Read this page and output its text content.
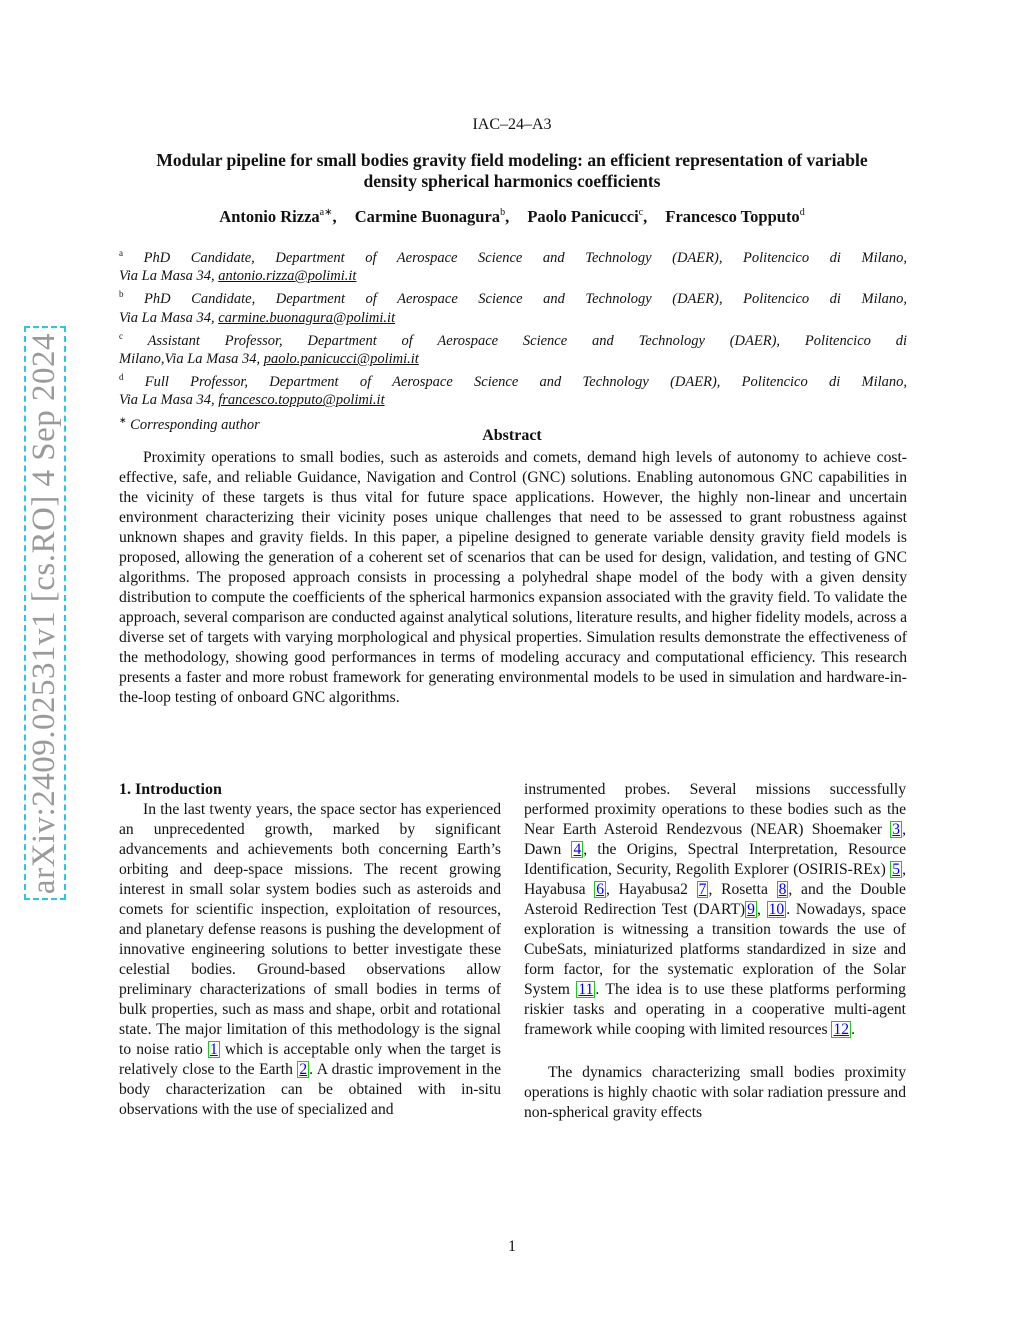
arXiv:2409.02531v1 [cs.RO] 4 Sep 2024
IAC–24–A3
Modular pipeline for small bodies gravity field modeling: an efficient representation of variable density spherical harmonics coefficients
Antonio Rizza$^{a∗}$, Carmine Buonagura$^b$, Paolo Panicucci$^c$, Francesco Topputo$^d$
$^a$ PhD Candidate, Department of Aerospace Science and Technology (DAER), Politencico di Milano,
Via La Masa 34, antonio.rizza@polimi.it
$^b$ PhD Candidate, Department of Aerospace Science and Technology (DAER), Politencico di Milano,
Via La Masa 34, carmine.buonagura@polimi.it
$^c$ Assistant Professor, Department of Aerospace Science and Technology (DAER), Politencico di
Milano,Via La Masa 34, paolo.panicucci@polimi.it
$^d$ Full Professor, Department of Aerospace Science and Technology (DAER), Politencico di Milano,
Via La Masa 34, francesco.topputo@polimi.it
∗ Corresponding author
Abstract

Proximity operations to small bodies, such as asteroids and comets, demand high levels of autonomy to achieve cost-effective, safe, and reliable Guidance, Navigation and Control (GNC) solutions. Enabling autonomous GNC capabilities in the vicinity of these targets is thus vital for future space applications. However, the highly non-linear and uncertain environment characterizing their vicinity poses unique challenges that need to be assessed to grant robustness against unknown shapes and gravity fields. In this paper, a pipeline designed to generate variable density gravity field models is proposed, allowing the generation of a coherent set of scenarios that can be used for design, validation, and testing of GNC algorithms. The proposed approach consists in processing a polyhedral shape model of the body with a given density distribution to compute the coefficients of the spherical harmonics expansion associated with the gravity field. To validate the approach, several comparison are conducted against analytical solutions, literature results, and higher fidelity models, across a diverse set of targets with varying morphological and physical properties. Simulation results demonstrate the effectiveness of the methodology, showing good performances in terms of modeling accuracy and computational efficiency. This research presents a faster and more robust framework for generating environmental models to be used in simulation and hardware-in-the-loop testing of onboard GNC algorithms.

1. Introduction

In the last twenty years, the space sector has experienced an unprecedented growth, marked by significant advancements and achievements both concerning Earth’s orbiting and deep-space missions. The recent growing interest in small solar system bodies such as asteroids and comets for scientific inspection, exploitation of resources, and planetary defense reasons is pushing the development of innovative engineering solutions to better investigate these celestial bodies. Ground-based observations allow preliminary characterizations of small bodies in terms of bulk properties, such as mass and shape, orbit and rotational state. The major limitation of this methodology is the signal to noise ratio 1 which is acceptable only when the target is relatively close to the Earth 2 . A drastic improvement in the body characterization can be obtained with in-situ observations with the use of specialized and

instrumented probes. Several missions successfully performed proximity operations to these bodies such as the Near Earth Asteroid Rendezvous (NEAR) Shoemaker 3 , Dawn 4 , the Origins, Spectral Interpretation, Resource Identification, Security, Regolith Explorer (OSIRIS-REx) 5 , Hayabusa 6 , Hayabusa2 7 , Rosetta 8 , and the Double Asteroid Redirection Test (DART) 9 , 10 . Nowadays, space exploration is witnessing a transition towards the use of CubeSats, miniaturized platforms standardized in size and form factor, for the systematic exploration of the Solar System 11 . The idea is to use these platforms performing riskier tasks and operating in a cooperative multi-agent framework while cooping with limited resources 12 .

The dynamics characterizing small bodies proximity operations is highly chaotic with solar radiation pressure and non-spherical gravity effects

1
